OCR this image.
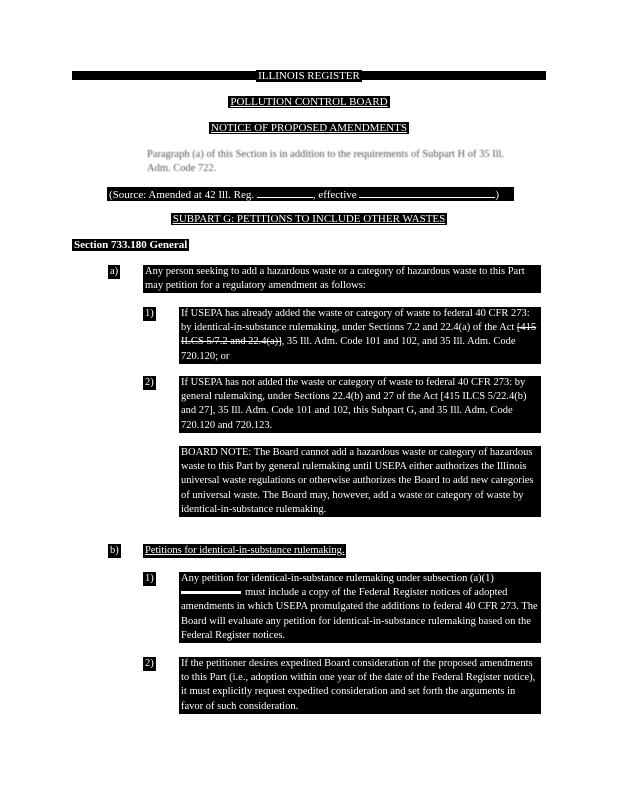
ILLINOIS REGISTER
POLLUTION CONTROL BOARD
NOTICE OF PROPOSED AMENDMENTS
Paragraph (a) of this Section is in addition to the requirements of Subpart H of 35 Ill.
Adm. Code 722.
(Source: Amended at 42 Ill. Reg.	, effective	)
SUBPART G: PETITIONS TO INCLUDE OTHER WASTES
Section 733.180 General
a)	Any person seeking to add a hazardous waste or a category of hazardous waste to this Part may petition for a regulatory amendment as follows:
1)	If USEPA has already added the waste or category of waste to federal 40 CFR 273: by identical-in-substance rulemaking, under Sections 7.2 and 22.4(a) of the Act [415 ILCS 5/7.2 and 22.4(a)], 35 Ill. Adm. Code 101 and 102, and 35 Ill. Adm. Code 720.120; or
2)	If USEPA has not added the waste or category of waste to federal 40 CFR 273: by general rulemaking, under Sections 22.4(b) and 27 of the Act [415 ILCS 5/22.4(b) and 27], 35 Ill. Adm. Code 101 and 102, this Subpart G, and 35 Ill. Adm. Code 720.120 and 720.123.
BOARD NOTE: The Board cannot add a hazardous waste or category of hazardous waste to this Part by general rulemaking until USEPA either authorizes the Illinois universal waste regulations or otherwise authorizes the Board to add new categories of universal waste. The Board may, however, add a waste or category of waste by identical-in-substance rulemaking.
b)	Petitions for identical-in-substance rulemaking.
1)	Any petition for identical-in-substance rulemaking under subsection (a)(1) must include a copy of the Federal Register notices of adopted amendments in which USEPA promulgated the additions to federal 40 CFR 273. The Board will evaluate any petition for identical-in-substance rulemaking based on the Federal Register notices.
2)	If the petitioner desires expedited Board consideration of the proposed amendments to this Part (i.e., adoption within one year of the date of the Federal Register notice), it must explicitly request expedited consideration and set forth the arguments in favor of such consideration.
